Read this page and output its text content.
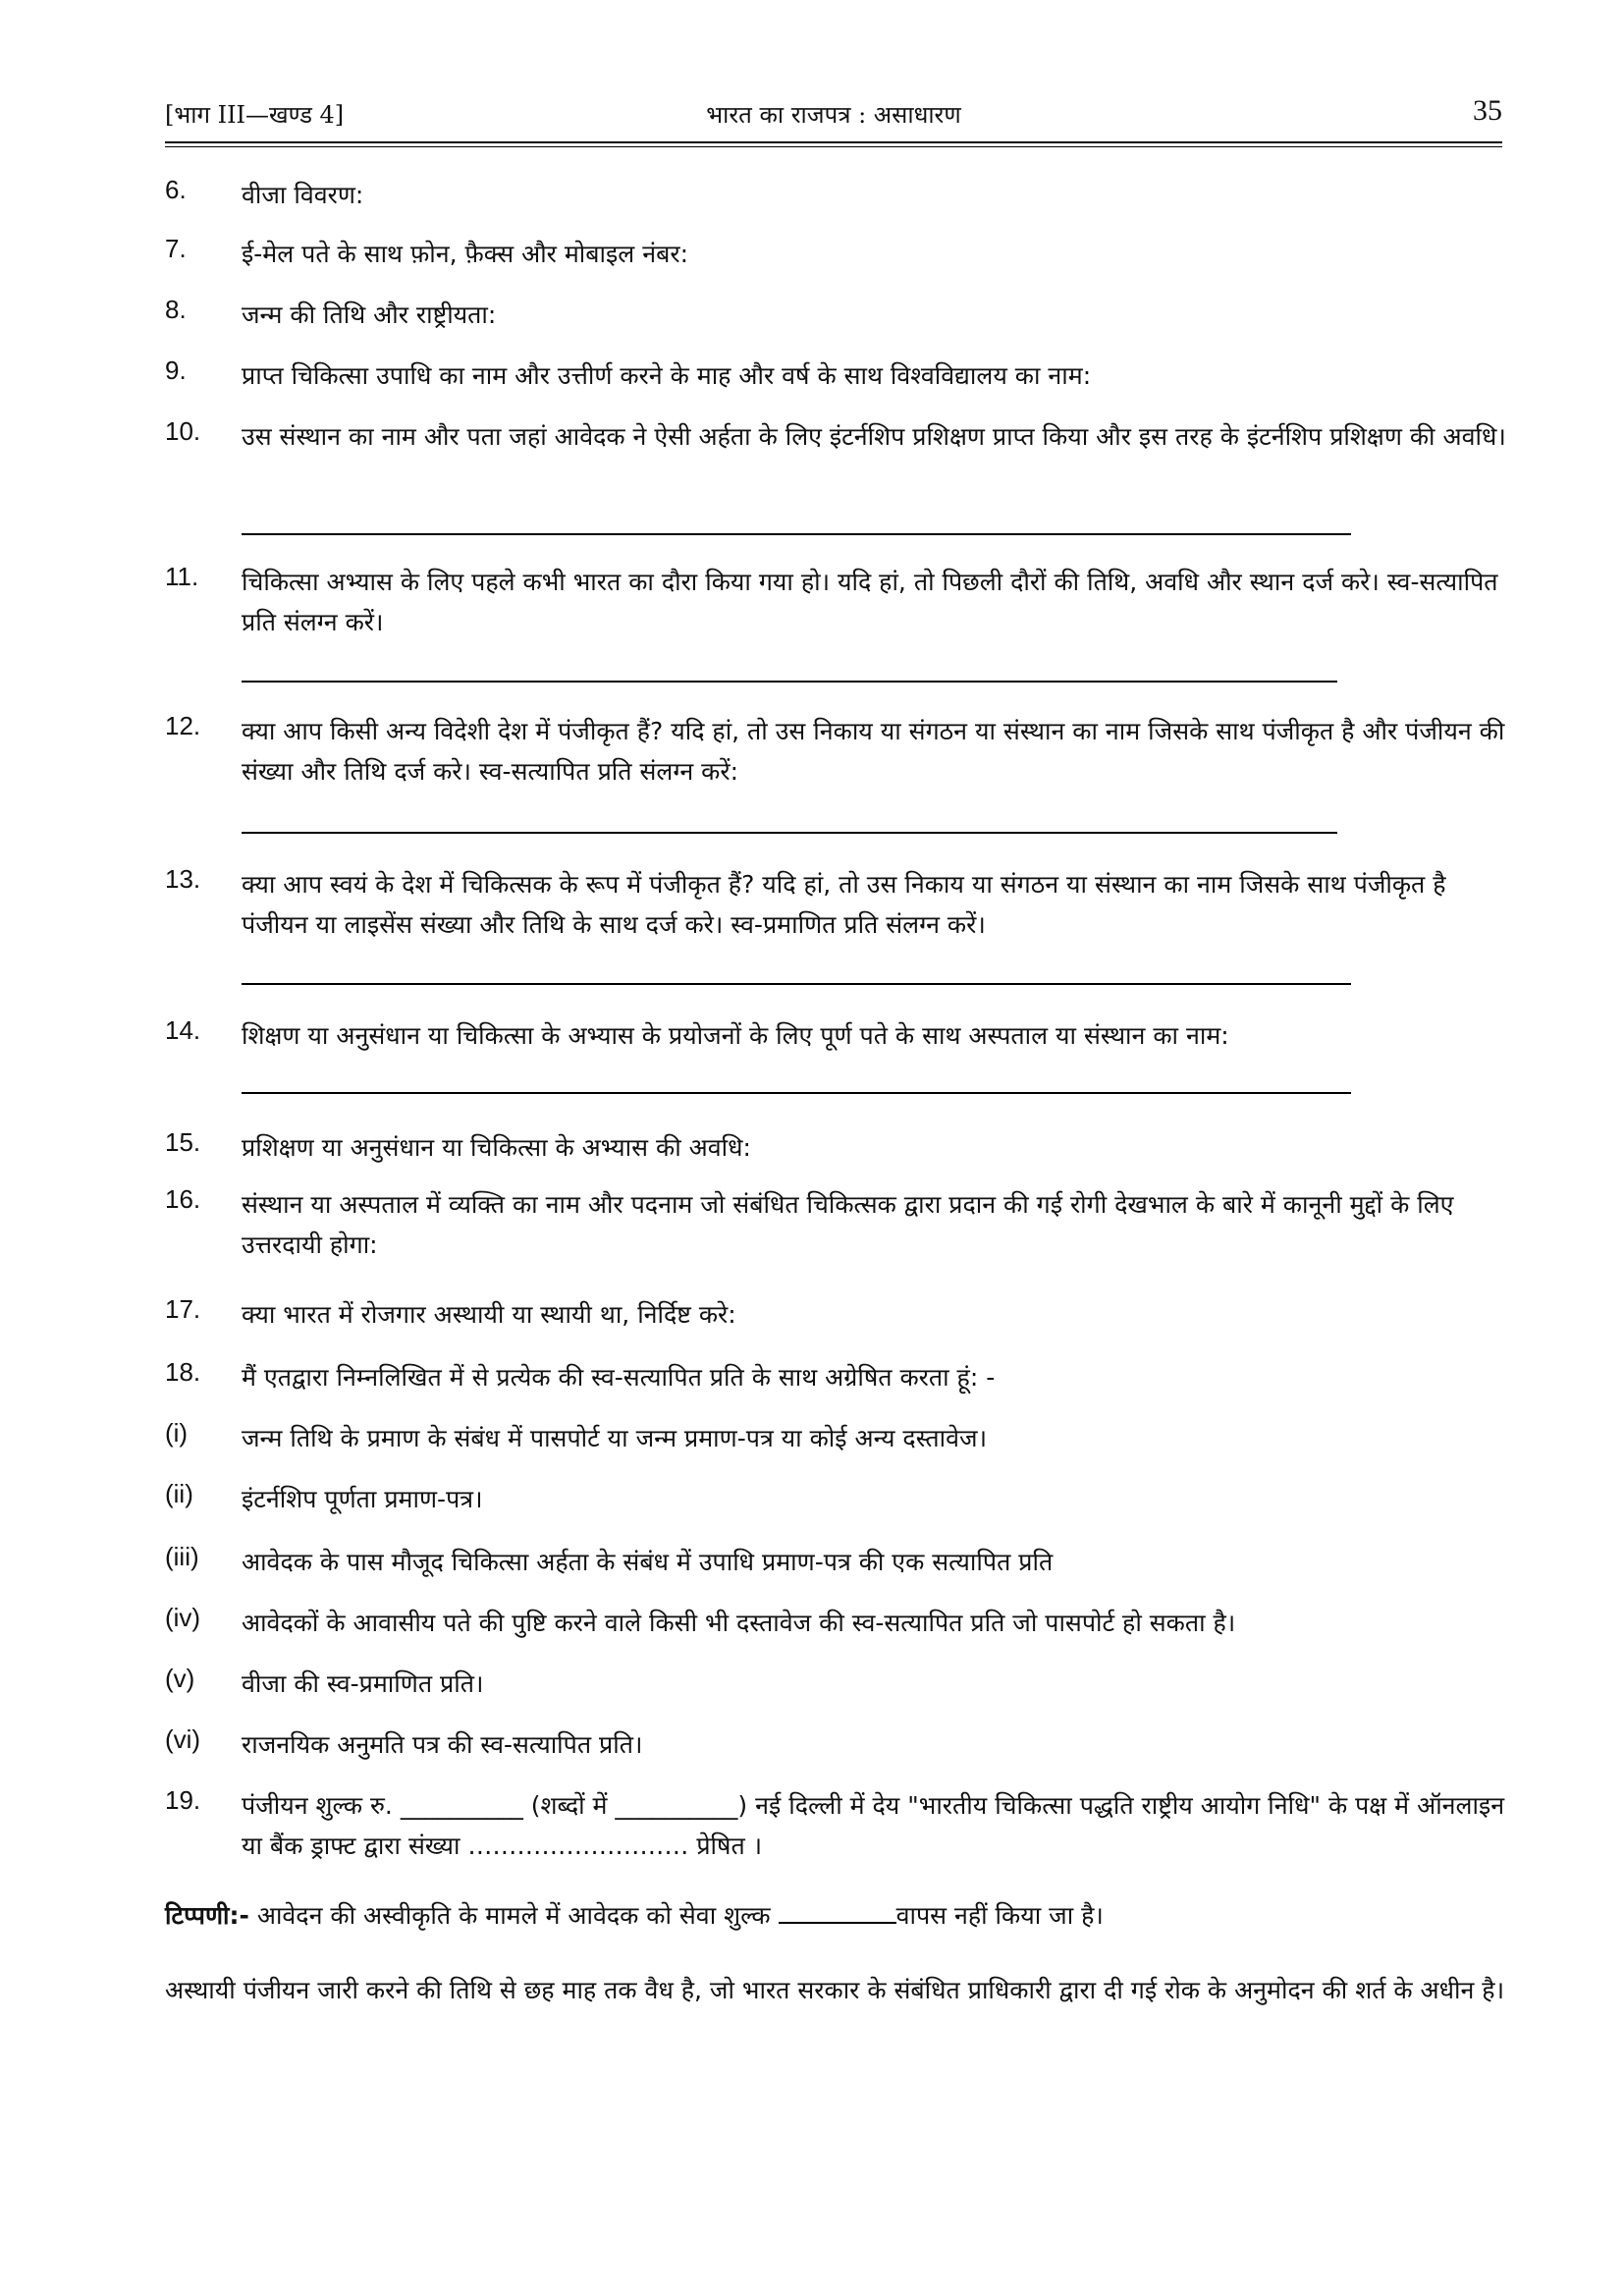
[भाग III—खण्ड 4]	भारत का राजपत्र : असाधारण	35
6. वीजा विवरण:
7. ई-मेल पते के साथ फ़ोन, फ़ैक्स और मोबाइल नंबर:
8. जन्म की तिथि और राष्ट्रीयता:
9. प्राप्त चिकित्सा उपाधि का नाम और उत्तीर्ण करने के माह और वर्ष के साथ विश्वविद्यालय का नाम:
10. उस संस्थान का नाम और पता जहां आवेदक ने ऐसी अर्हता के लिए इंटर्नशिप प्रशिक्षण प्राप्त किया और इस तरह के इंटर्नशिप प्रशिक्षण की अवधि।
11. चिकित्सा अभ्यास के लिए पहले कभी भारत का दौरा किया गया हो। यदि हां, तो पिछली दौरों की तिथि, अवधि और स्थान दर्ज करे। स्व-सत्यापित प्रति संलग्न करें।
12. क्या आप किसी अन्य विदेशी देश में पंजीकृत हैं? यदि हां, तो उस निकाय या संगठन या संस्थान का नाम जिसके साथ पंजीकृत है और पंजीयन की संख्या और तिथि दर्ज करे। स्व-सत्यापित प्रति संलग्न करें:
13. क्या आप स्वयं के देश में चिकित्सक के रूप में पंजीकृत हैं? यदि हां, तो उस निकाय या संगठन या संस्थान का नाम जिसके साथ पंजीकृत है पंजीयन या लाइसेंस संख्या और तिथि के साथ दर्ज करे। स्व-प्रमाणित प्रति संलग्न करें।
14. शिक्षण या अनुसंधान या चिकित्सा के अभ्यास के प्रयोजनों के लिए पूर्ण पते के साथ अस्पताल या संस्थान का नाम:
15. प्रशिक्षण या अनुसंधान या चिकित्सा के अभ्यास की अवधि:
16. संस्थान या अस्पताल में व्यक्ति का नाम और पदनाम जो संबंधित चिकित्सक द्वारा प्रदान की गई रोगी देखभाल के बारे में कानूनी मुद्दों के लिए उत्तरदायी होगा:
17. क्या भारत में रोजगार अस्थायी या स्थायी था, निर्दिष्ट करे:
18. मैं एतद्वारा निम्नलिखित में से प्रत्येक की स्व-सत्यापित प्रति के साथ अग्रेषित करता हूं: -
(i) जन्म तिथि के प्रमाण के संबंध में पासपोर्ट या जन्म प्रमाण-पत्र या कोई अन्य दस्तावेज।
(ii) इंटर्नशिप पूर्णता प्रमाण-पत्र।
(iii) आवेदक के पास मौजूद चिकित्सा अर्हता के संबंध में उपाधि प्रमाण-पत्र की एक सत्यापित प्रति
(iv) आवेदकों के आवासीय पते की पुष्टि करने वाले किसी भी दस्तावेज की स्व-सत्यापित प्रति जो पासपोर्ट हो सकता है।
(v) वीजा की स्व-प्रमाणित प्रति।
(vi) राजनयिक अनुमति पत्र की स्व-सत्यापित प्रति।
19. पंजीयन शुल्क रु. __________ (शब्दों में __________) नई दिल्ली में देय "भारतीय चिकित्सा पद्धति राष्ट्रीय आयोग निधि" के पक्ष में ऑनलाइन या बैंक ड्राफ्ट द्वारा संख्या ……………………… प्रेषित ।
टिप्पणी:- आवेदन की अस्वीकृति के मामले में आवेदक को सेवा शुल्क	वापस नहीं किया जा है।
अस्थायी पंजीयन जारी करने की तिथि से छह माह तक वैध है, जो भारत सरकार के संबंधित प्राधिकारी द्वारा दी गई रोक के अनुमोदन की शर्त के अधीन है।
